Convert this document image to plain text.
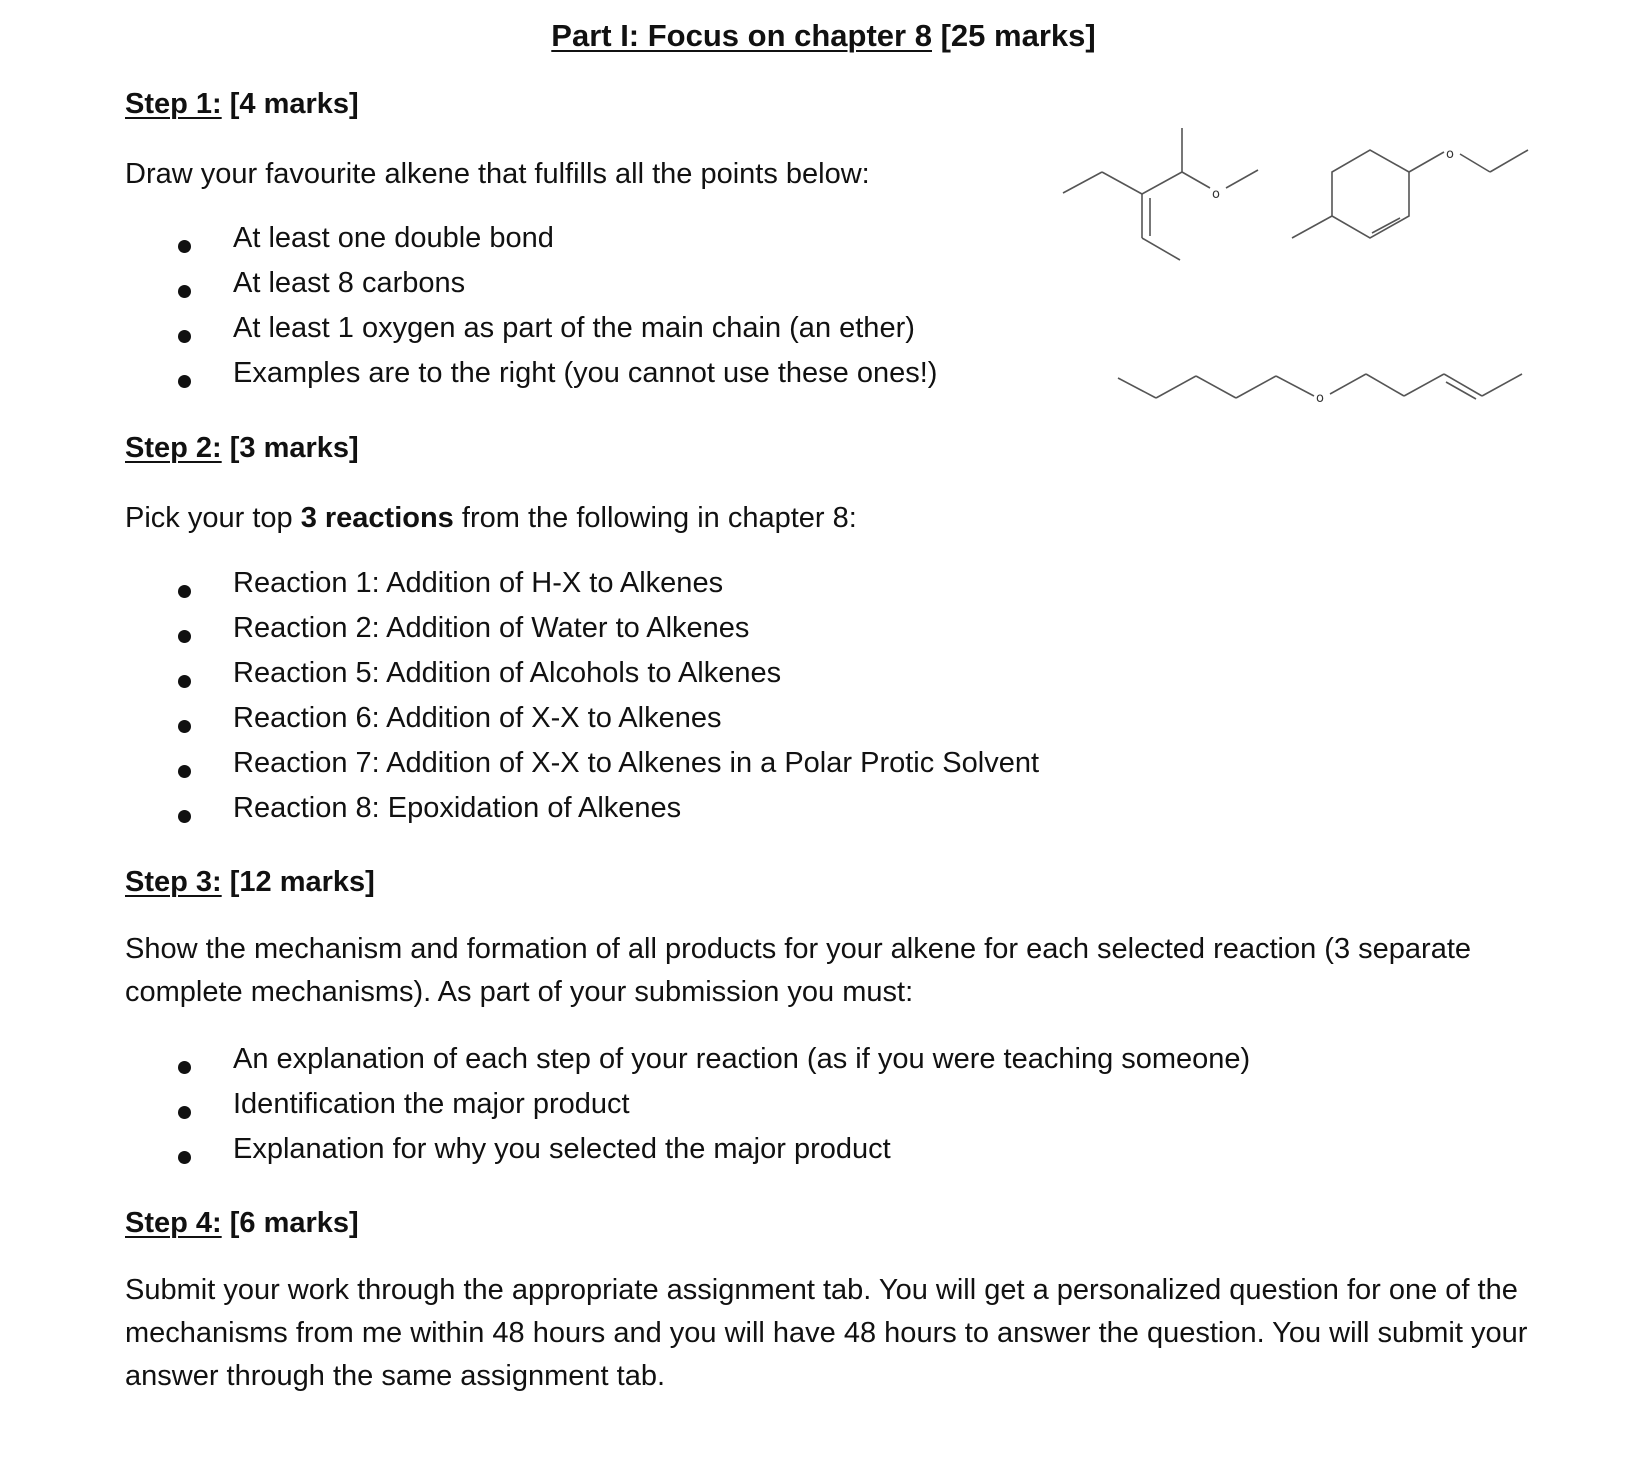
Part I: Focus on chapter 8 [25 marks]
Step 1: [4 marks]
Draw your favourite alkene that fulfills all the points below:
At least one double bond
At least 8 carbons
At least 1 oxygen as part of the main chain (an ether)
Examples are to the right (you cannot use these ones!)
Step 2: [3 marks]
Pick your top 3 reactions from the following in chapter 8:
Reaction 1: Addition of H-X to Alkenes
Reaction 2: Addition of Water to Alkenes
Reaction 5: Addition of Alcohols to Alkenes
Reaction 6: Addition of X-X to Alkenes
Reaction 7: Addition of X-X to Alkenes in a Polar Protic Solvent
Reaction 8: Epoxidation of Alkenes
Step 3: [12 marks]
Show the mechanism and formation of all products for your alkene for each selected reaction (3 separate complete mechanisms). As part of your submission you must:
An explanation of each step of your reaction (as if you were teaching someone)
Identification the major product
Explanation for why you selected the major product
Step 4: [6 marks]
Submit your work through the appropriate assignment tab. You will get a personalized question for one of the mechanisms from me within 48 hours and you will have 48 hours to answer the question. You will submit your answer through the same assignment tab.
o
o
o
